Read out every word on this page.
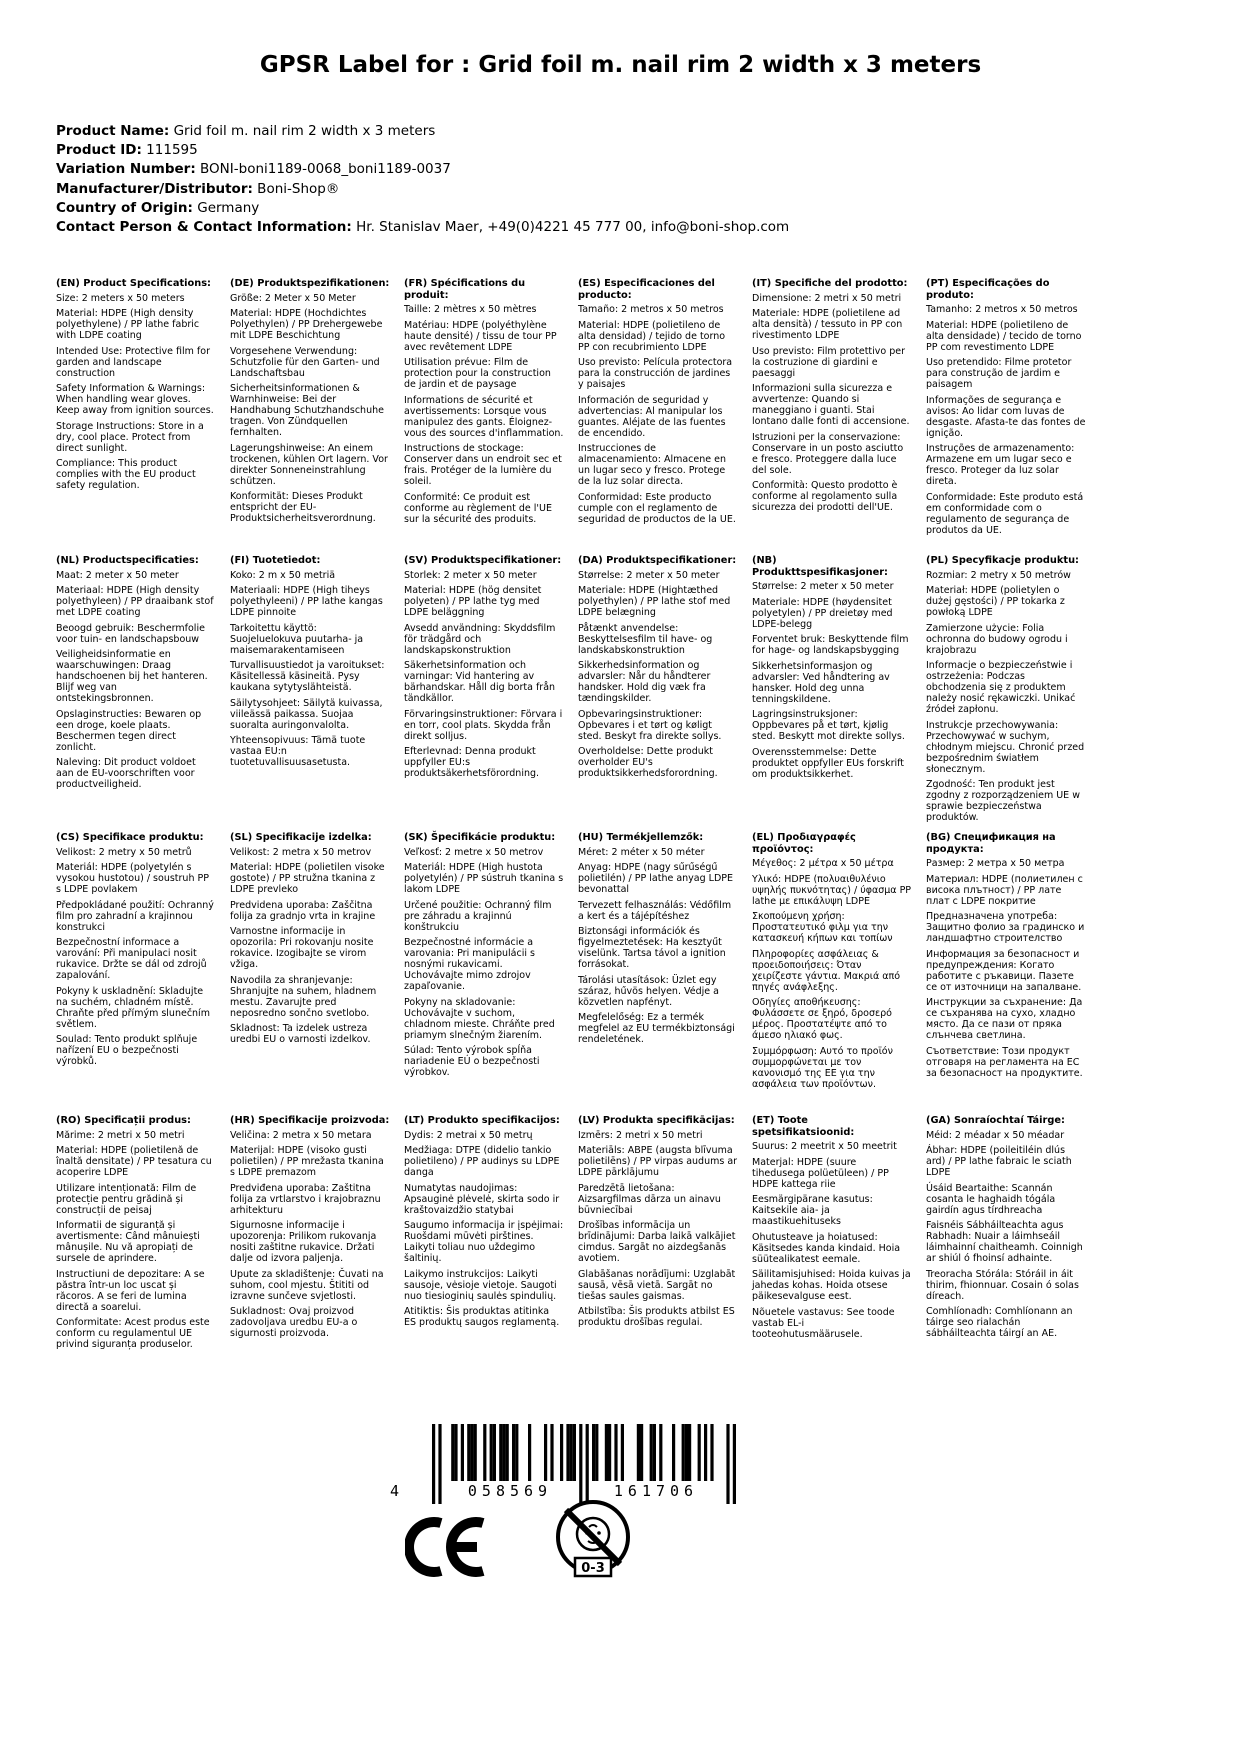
GPSR Label for : Grid foil m. nail rim 2 width x 3 meters
Product Name: Grid foil m. nail rim 2 width x 3 meters
Product ID: 111595
Variation Number: BONI-boni1189-0068_boni1189-0037
Manufacturer/Distributor: Boni-Shop®
Country of Origin: Germany
Contact Person & Contact Information: Hr. Stanislav Maer, +49(0)4221 45 777 00, info@boni-shop.com
(EN) Product Specifications:

Size: 2 meters x 50 meters

Material: HDPE (High density polyethylene) / PP lathe fabric with LDPE coating

Intended Use: Protective film for garden and landscape construction

Safety Information & Warnings: When handling wear gloves. Keep away from ignition sources.

Storage Instructions: Store in a dry, cool place. Protect from direct sunlight.

Compliance: This product complies with the EU product safety regulation.

(DE) Produktspezifikationen:

Größe: 2 Meter x 50 Meter

Material: HDPE (Hochdichtes Polyethylen) / PP Drehergewebe mit LDPE Beschichtung

Vorgesehene Verwendung: Schutzfolie für den Garten- und Landschaftsbau

Sicherheitsinformationen & Warnhinweise: Bei der Handhabung Schutzhandschuhe tragen. Von Zündquellen fernhalten.

Lagerungshinweise: An einem trockenen, kühlen Ort lagern. Vor direkter Sonneneinstrahlung schützen.

Konformität: Dieses Produkt entspricht der EU-Produktsicherheitsverordnung.

(FR) Spécifications du produit:

Taille: 2 mètres x 50 mètres

Matériau: HDPE (polyéthylène haute densité) / tissu de tour PP avec revêtement LDPE

Utilisation prévue: Film de protection pour la construction de jardin et de paysage

Informations de sécurité et avertissements: Lorsque vous manipulez des gants. Éloignez-vous des sources d'inflammation.

Instructions de stockage: Conserver dans un endroit sec et frais. Protéger de la lumière du soleil.

Conformité: Ce produit est conforme au règlement de l'UE sur la sécurité des produits.

(ES) Especificaciones del producto:

Tamaño: 2 metros x 50 metros

Material: HDPE (polietileno de alta densidad) / tejido de torno PP con recubrimiento LDPE

Uso previsto: Película protectora para la construcción de jardines y paisajes

Información de seguridad y advertencias: Al manipular los guantes. Aléjate de las fuentes de encendido.

Instrucciones de almacenamiento: Almacene en un lugar seco y fresco. Protege de la luz solar directa.

Conformidad: Este producto cumple con el reglamento de seguridad de productos de la UE.

(IT) Specifiche del prodotto:

Dimensione: 2 metri x 50 metri

Materiale: HDPE (polietilene ad alta densità) / tessuto in PP con rivestimento LDPE

Uso previsto: Film protettivo per la costruzione di giardini e paesaggi

Informazioni sulla sicurezza e avvertenze: Quando si maneggiano i guanti. Stai lontano dalle fonti di accensione.

Istruzioni per la conservazione: Conservare in un posto asciutto e fresco. Proteggere dalla luce del sole.

Conformità: Questo prodotto è conforme al regolamento sulla sicurezza dei prodotti dell'UE.

(PT) Especificações do produto:

Tamanho: 2 metros x 50 metros

Material: HDPE (polietileno de alta densidade) / tecido de torno PP com revestimento LDPE

Uso pretendido: Filme protetor para construção de jardim e paisagem

Informações de segurança e avisos: Ao lidar com luvas de desgaste. Afasta-te das fontes de ignição.

Instruções de armazenamento: Armazene em um lugar seco e fresco. Proteger da luz solar direta.

Conformidade: Este produto está em conformidade com o regulamento de segurança de produtos da UE.

(NL) Productspecificaties:

Maat: 2 meter x 50 meter

Materiaal: HDPE (High density polyethyleen) / PP draaibank stof met LDPE coating

Beoogd gebruik: Beschermfolie voor tuin- en landschapsbouw

Veiligheidsinformatie en waarschuwingen: Draag handschoenen bij het hanteren. Blijf weg van ontstekingsbronnen.

Opslaginstructies: Bewaren op een droge, koele plaats. Beschermen tegen direct zonlicht.

Naleving: Dit product voldoet aan de EU-voorschriften voor productveiligheid.

(FI) Tuotetiedot:

Koko: 2 m x 50 metriä

Materiaali: HDPE (High tiheys polyethyleeni) / PP lathe kangas LDPE pinnoite

Tarkoitettu käyttö: Suojeluelokuva puutarha- ja maisemarakentamiseen

Turvallisuustiedot ja varoitukset: Käsitellessä käsineitä. Pysy kaukana sytytyslähteistä.

Säilytysohjeet: Säilytä kuivassa, viileässä paikassa. Suojaa suoralta auringonvalolta.

Yhteensopivuus: Tämä tuote vastaa EU:n tuotetuvallisuusasetusta.

(SV) Produktspecifikationer:

Storlek: 2 meter x 50 meter

Material: HDPE (hög densitet polyeten) / PP lathe tyg med LDPE beläggning

Avsedd användning: Skyddsfilm för trädgård och landskapskonstruktion

Säkerhetsinformation och varningar: Vid hantering av bärhandskar. Håll dig borta från tändkällor.

Förvaringsinstruktioner: Förvara i en torr, cool plats. Skydda från direkt solljus.

Efterlevnad: Denna produkt uppfyller EU:s produktsäkerhetsförordning.

(DA) Produktspecifikationer:

Størrelse: 2 meter x 50 meter

Materiale: HDPE (Hightæthed polyethylen) / PP lathe stof med LDPE belægning

Påtænkt anvendelse: Beskyttelsesfilm til have- og landskabskonstruktion

Sikkerhedsinformation og advarsler: Når du håndterer handsker. Hold dig væk fra tændingskilder.

Opbevaringsinstruktioner: Opbevares i et tørt og køligt sted. Beskyt fra direkte sollys.

Overholdelse: Dette produkt overholder EU's produktsikkerhedsforordning.

(NB) Produkttspesifikasjoner:

Størrelse: 2 meter x 50 meter

Materiale: HDPE (høydensitet polyetylen) / PP dreietøy med LDPE-belegg

Forventet bruk: Beskyttende film for hage- og landskapsbygging

Sikkerhetsinformasjon og advarsler: Ved håndtering av hansker. Hold deg unna tenningskildene.

Lagringsinstruksjoner: Oppbevares på et tørt, kjølig sted. Beskytt mot direkte sollys.

Overensstemmelse: Dette produktet oppfyller EUs forskrift om produktsikkerhet.

(PL) Specyfikacje produktu:

Rozmiar: 2 metry x 50 metrów

Materiał: HDPE (polietylen o dużej gęstości) / PP tokarka z powłoką LDPE

Zamierzone użycie: Folia ochronna do budowy ogrodu i krajobrazu

Informacje o bezpieczeństwie i ostrzeżenia: Podczas obchodzenia się z produktem należy nosić rękawiczki. Unikać źródeł zapłonu.

Instrukcje przechowywania: Przechowywać w suchym, chłodnym miejscu. Chronić przed bezpośrednim światłem słonecznym.

Zgodność: Ten produkt jest zgodny z rozporządzeniem UE w sprawie bezpieczeństwa produktów.

(CS) Specifikace produktu:

Velikost: 2 metry x 50 metrů

Materiál: HDPE (polyetylén s vysokou hustotou) / soustruh PP s LDPE povlakem

Předpokládané použití: Ochranný film pro zahradní a krajinnou konstrukci

Bezpečnostní informace a varování: Při manipulaci nosit rukavice. Držte se dál od zdrojů zapalování.

Pokyny k uskladnění: Skladujte na suchém, chladném místě. Chraňte před přímým slunečním světlem.

Soulad: Tento produkt splňuje nařízení EU o bezpečnosti výrobků.

(SL) Specifikacije izdelka:

Velikost: 2 metra x 50 metrov

Material: HDPE (polietilen visoke gostote) / PP stružna tkanina z LDPE prevleko

Predvidena uporaba: Zaščitna folija za gradnjo vrta in krajine

Varnostne informacije in opozorila: Pri rokovanju nosite rokavice. Izogibajte se virom vžiga.

Navodila za shranjevanje: Shranjujte na suhem, hladnem mestu. Zavarujte pred neposredno sončno svetlobo.

Skladnost: Ta izdelek ustreza uredbi EU o varnosti izdelkov.

(SK) Špecifikácie produktu:

Veľkosť: 2 metre x 50 metrov

Materiál: HDPE (High hustota polyetylén) / PP sústruh tkanina s lakom LDPE

Určené použitie: Ochranný film pre záhradu a krajinnú konštrukciu

Bezpečnostné informácie a varovania: Pri manipulácii s nosnými rukavicami. Uchovávajte mimo zdrojov zapaľovanie.

Pokyny na skladovanie: Uchovávajte v suchom, chladnom mieste. Chráňte pred priamym slnečným žiarením.

Súlad: Tento výrobok spĺňa nariadenie EÚ o bezpečnosti výrobkov.

(HU) Termékjellemzők:

Méret: 2 méter x 50 méter

Anyag: HDPE (nagy sűrűségű polietilén) / PP lathe anyag LDPE bevonattal

Tervezett felhasználás: Védőfilm a kert és a tájépítéshez

Biztonsági információk és figyelmeztetések: Ha kesztyűt viselünk. Tartsa távol a ignition forrásokat.

Tárolási utasítások: Üzlet egy száraz, hűvös helyen. Védje a közvetlen napfényt.

Megfelelőség: Ez a termék megfelel az EU termékbiztonsági rendeletének.

(EL) Προδιαγραφές προϊόντος:

Μέγεθος: 2 μέτρα x 50 μέτρα

Υλικό: HDPE (πολυαιθυλένιο υψηλής πυκνότητας) / ύφασμα PP lathe με επικάλυψη LDPE

Σκοπούμενη χρήση: Προστατευτικό φιλμ για την κατασκευή κήπων και τοπίων

Πληροφορίες ασφάλειας & προειδοποιήσεις: Όταν χειρίζεστε γάντια. Μακριά από πηγές ανάφλεξης.

Οδηγίες αποθήκευσης: Φυλάσσετε σε ξηρό, δροσερό μέρος. Προστατέψτε από το άμεσο ηλιακό φως.

Συμμόρφωση: Αυτό το προϊόν συμμορφώνεται με τον κανονισμό της ΕΕ για την ασφάλεια των προϊόντων.

(BG) Спецификация на продукта:

Размер: 2 метра x 50 метра

Материал: HDPE (полиетилен с висока плътност) / PP лате плат с LDPE покритие

Предназначена употреба: Защитно фолио за градинско и ландшафтно строителство

Информация за безопасност и предупреждения: Когато работите с ръкавици. Пазете се от източници на запалване.

Инструкции за съхранение: Да се съхранява на сухо, хладно място. Да се пази от пряка слънчева светлина.

Съответствие: Този продукт отговаря на регламента на ЕС за безопасност на продуктите.

(RO) Specificații produs:

Mărime: 2 metri x 50 metri

Material: HDPE (polietilenă de înaltă densitate) / PP tesatura cu acoperire LDPE

Utilizare intenționată: Film de protecție pentru grădină și construcții de peisaj

Informatii de siguranță și avertismente: Când mânuiești mânușile. Nu vă apropiați de sursele de aprindere.

Instructiuni de depozitare: A se păstra într-un loc uscat și răcoros. A se feri de lumina directă a soarelui.

Conformitate: Acest produs este conform cu regulamentul UE privind siguranța produselor.

(HR) Specifikacije proizvoda:

Veličina: 2 metra x 50 metara

Materijal: HDPE (visoko gusti polietilen) / PP mrežasta tkanina s LDPE premazom

Predviđena uporaba: Zaštitna folija za vrtlarstvo i krajobraznu arhitekturu

Sigurnosne informacije i upozorenja: Prilikom rukovanja nositi zaštitne rukavice. Držati dalje od izvora paljenja.

Upute za skladištenje: Čuvati na suhom, cool mjestu. Štititi od izravne sunčeve svjetlosti.

Sukladnost: Ovaj proizvod zadovoljava uredbu EU-a o sigurnosti proizvoda.

(LT) Produkto specifikacijos:

Dydis: 2 metrai x 50 metrų

Medžiaga: DTPE (didelio tankio polietileno) / PP audinys su LDPE danga

Numatytas naudojimas: Apsauginė plėvelė, skirta sodo ir kraštovaizdžio statybai

Saugumo informacija ir įspėjimai: Ruošdami mūvėti pirštines. Laikyti toliau nuo uždegimo šaltinių.

Laikymo instrukcijos: Laikyti sausoje, vėsioje vietoje. Saugoti nuo tiesioginių saulės spindulių.

Atitiktis: Šis produktas atitinka ES produktų saugos reglamentą.

(LV) Produkta specifikācijas:

Izmērs: 2 metri x 50 metri

Materiāls: ABPE (augsta blīvuma polietilēns) / PP virpas audums ar LDPE pārklājumu

Paredzētā lietošana: Aizsargfilmas dārza un ainavu būvniecībai

Drošības informācija un brīdinājumi: Darba laikā valkājiet cimdus. Sargāt no aizdegšanās avotiem.

Glabāšanas norādījumi: Uzglabāt sausā, vēsā vietā. Sargāt no tiešas saules gaismas.

Atbilstība: Šis produkts atbilst ES produktu drošības regulai.

(ET) Toote spetsifikatsioonid:

Suurus: 2 meetrit x 50 meetrit

Materjal: HDPE (suure tihedusega polüetüleen) / PP HDPE kattega riie

Eesmärgipärane kasutus: Kaitsekile aia- ja maastikuehituseks

Ohutusteave ja hoiatused: Käsitsedes kanda kindaid. Hoia süütealikatest eemale.

Säilitamisjuhised: Hoida kuivas ja jahedas kohas. Hoida otsese päikesevalguse eest.

Nõuetele vastavus: See toode vastab EL-i tooteohutusmäärusele.

(GA) Sonraíochtaí Táirge:

Méid: 2 méadar x 50 méadar

Ábhar: HDPE (poileitiléin dlús ard) / PP lathe fabraic le sciath LDPE

Úsáid Beartaithe: Scannán cosanta le haghaidh tógála gairdín agus tírdhreacha

Faisnéis Sábháilteachta agus Rabhadh: Nuair a láimhseáil láimhainní chaitheamh. Coinnigh ar shiúl ó fhoinsí adhainte.

Treoracha Stórála: Stóráil in áit thirim, fhionnuar. Cosain ó solas díreach.

Comhlíonadh: Comhlíonann an táirge seo rialachán sábháilteachta táirgí an AE.

4	058569	161706
0-3
